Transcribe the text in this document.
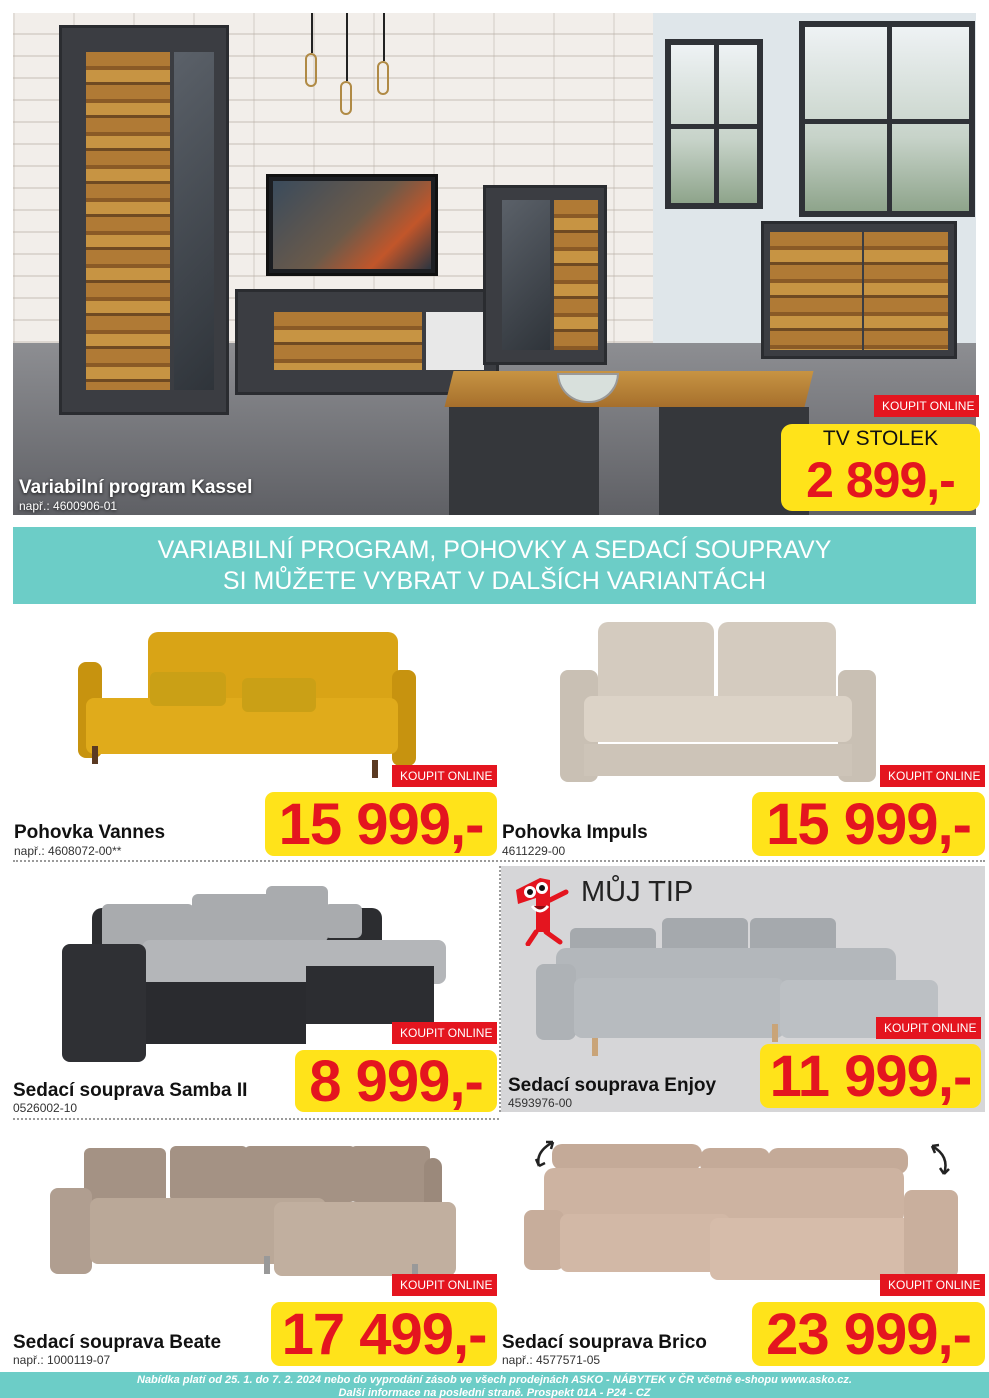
Variabilní program Kassel
např.: 4600906-01
KOUPIT ONLINE
TV STOLEK
2 899,-
VARIABILNÍ PROGRAM, POHOVKY A SEDACÍ SOUPRAVY
SI MŮŽETE VYBRAT V DALŠÍCH VARIANTÁCH
KOUPIT ONLINE
15 999,-
Pohovka Vannes
např.: 4608072-00**
KOUPIT ONLINE
15 999,-
Pohovka Impuls
4611229-00
KOUPIT ONLINE
8 999,-
Sedací souprava Samba II
0526002-10
MŮJ TIP
KOUPIT ONLINE
11 999,-
Sedací souprava Enjoy
4593976-00
KOUPIT ONLINE
17 499,-
Sedací souprava Beate
např.: 1000119-07
KOUPIT ONLINE
23 999,-
Sedací souprava Brico
např.: 4577571-05
Nabídka platí od 25. 1. do 7. 2. 2024 nebo do vyprodání zásob ve všech prodejnách ASKO - NÁBYTEK v ČR včetně e-shopu www.asko.cz.
Další informace na poslední straně. Prospekt 01A - P24 - CZ
